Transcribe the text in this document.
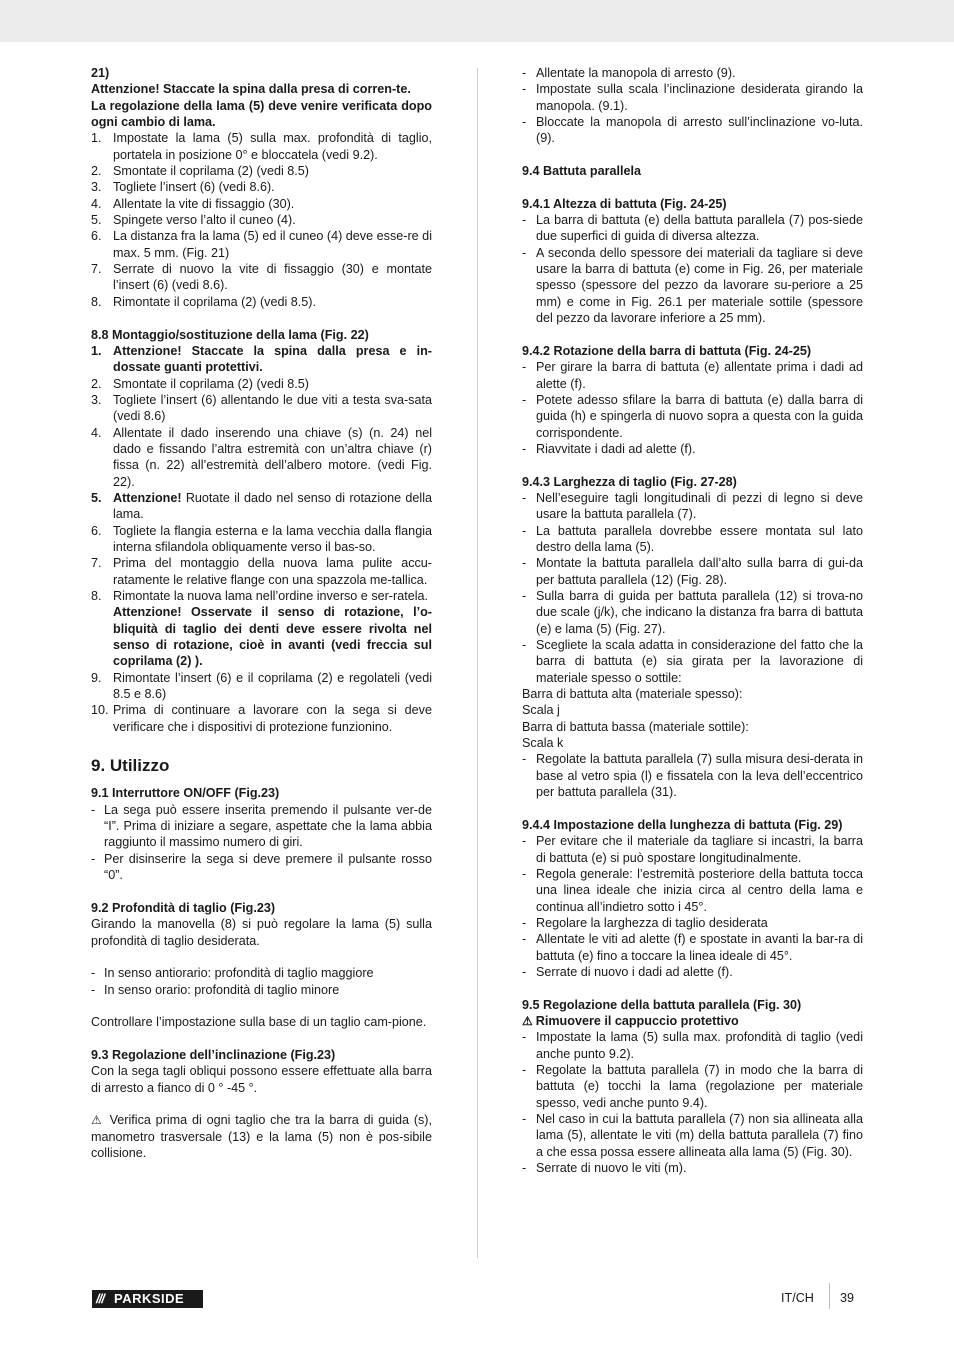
21)

Attenzione! Staccate la spina dalla presa di corren-te.

La regolazione della lama (5) deve venire verificata dopo ogni cambio di lama.

1. Impostate la lama (5) sulla max. profondità di taglio, portatela in posizione 0° e bloccatela (vedi 9.2).
2. Smontate il coprilama (2) (vedi 8.5)
3. Togliete l’insert (6) (vedi 8.6).
4. Allentate la vite di fissaggio (30).
5. Spingete verso l’alto il cuneo (4).
6. La distanza fra la lama (5) ed il cuneo (4) deve esse-re di max. 5 mm. (Fig. 21)
7. Serrate di nuovo la vite di fissaggio (30) e montate l’insert (6) (vedi 8.6).
8. Rimontate il coprilama (2) (vedi 8.5).

8.8 Montaggio/sostituzione della lama (Fig. 22)

1. Attenzione! Staccate la spina dalla presa e in-dossate guanti protettivi.
2. Smontate il coprilama (2) (vedi 8.5)
3. Togliete l’insert (6) allentando le due viti a testa sva-sata (vedi 8.6)
4. Allentate il dado inserendo una chiave (s) (n. 24) nel dado e fissando l’altra estremità con un’altra chiave (r) fissa (n. 22) all’estremità dell’albero motore. (vedi Fig. 22).
5. Attenzione! Ruotate il dado nel senso di rotazione della lama.
6. Togliete la flangia esterna e la lama vecchia dalla flangia interna sfilandola obliquamente verso il bas-so.
7. Prima del montaggio della nuova lama pulite accu-ratamente le relative flange con una spazzola me-tallica.
8. Rimontate la nuova lama nell’ordine inverso e ser-ratela.
Attenzione! Osservate il senso di rotazione, l’o-bliquità di taglio dei denti deve essere rivolta nel senso di rotazione, cioè in avanti (vedi freccia sul coprilama (2) ).
9. Rimontate l’insert (6) e il coprilama (2) e regolateli (vedi 8.5 e 8.6)
10. Prima di continuare a lavorare con la sega si deve verificare che i dispositivi di protezione funzionino.
9. Utilizzo

9.1 Interruttore ON/OFF (Fig.23)

- La sega può essere inserita premendo il pulsante ver-de “I”. Prima di iniziare a segare, aspettate che la lama abbia raggiunto il massimo numero di giri.
- Per disinserire la sega si deve premere il pulsante rosso “0”.

9.2 Profondità di taglio (Fig.23)

Girando la manovella (8) si può regolare la lama (5) sulla profondità di taglio desiderata.

- In senso antiorario: profondità di taglio maggiore
- In senso orario: profondità di taglio minore

Controllare l’impostazione sulla base di un taglio cam-pione.

9.3 Regolazione dell’inclinazione (Fig.23)

Con la sega tagli obliqui possono essere effettuate alla barra di arresto a fianco di 0 ° -45 °.

⚠ Verifica prima di ogni taglio che tra la barra di guida (s), manometro trasversale (13) e la lama (5) non è pos-sibile collisione.

- Allentate la manopola di arresto (9).
- Impostate sulla scala l’inclinazione desiderata girando la manopola. (9.1).
- Bloccate la manopola di arresto sull’inclinazione vo-luta. (9).

9.4 Battuta parallela

9.4.1 Altezza di battuta (Fig. 24-25)

- La barra di battuta (e) della battuta parallela (7) pos-siede due superfici di guida di diversa altezza.
- A seconda dello spessore dei materiali da tagliare si deve usare la barra di battuta (e) come in Fig. 26, per materiale spesso (spessore del pezzo da lavorare su-periore a 25 mm) e come in Fig. 26.1 per materiale sottile (spessore del pezzo da lavorare inferiore a 25 mm).

9.4.2 Rotazione della barra di battuta (Fig. 24-25)

- Per girare la barra di battuta (e) allentate prima i dadi ad alette (f).
- Potete adesso sfilare la barra di battuta (e) dalla barra di guida (h) e spingerla di nuovo sopra a questa con la guida corrispondente.
- Riavvitate i dadi ad alette (f).

9.4.3 Larghezza di taglio (Fig. 27-28)

- Nell’eseguire tagli longitudinali di pezzi di legno si deve usare la battuta parallela (7).
- La battuta parallela dovrebbe essere montata sul lato destro della lama (5).
- Montate la battuta parallela dall’alto sulla barra di gui-da per battuta parallela (12) (Fig. 28).
- Sulla barra di guida per battuta parallela (12) si trova-no due scale (j/k), che indicano la distanza fra barra di battuta (e) e lama (5) (Fig. 27).
- Scegliete la scala adatta in considerazione del fatto che la barra di battuta (e) sia girata per la lavorazione di materiale spesso o sottile:

Barra di battuta alta (materiale spesso):

Scala j

Barra di battuta bassa (materiale sottile):

Scala k

- Regolate la battuta parallela (7) sulla misura desi-derata in base al vetro spia (l) e fissatela con la leva dell’eccentrico per battuta parallela (31).

9.4.4 Impostazione della lunghezza di battuta (Fig. 29)

- Per evitare che il materiale da tagliare si incastri, la barra di battuta (e) si può spostare longitudinalmente.
- Regola generale: l’estremità posteriore della battuta tocca una linea ideale che inizia circa al centro della lama e continua all’indietro sotto i 45°.
- Regolare la larghezza di taglio desiderata
- Allentate le viti ad alette (f) e spostate in avanti la bar-ra di battuta (e) fino a toccare la linea ideale di 45°.
- Serrate di nuovo i dadi ad alette (f).

9.5 Regolazione della battuta parallela (Fig. 30)

⚠ Rimuovere il cappuccio protettivo

- Impostate la lama (5) sulla max. profondità di taglio (vedi anche punto 9.2).
- Regolate la battuta parallela (7) in modo che la barra di battuta (e) tocchi la lama (regolazione per materiale spesso, vedi anche punto 9.4).
- Nel caso in cui la battuta parallela (7) non sia allineata alla lama (5), allentate le viti (m) della battuta parallela (7) fino a che essa possa essere allineata alla lama (5) (Fig. 30).
- Serrate di nuovo le viti (m).
/// PARKSIDE	IT/CH 39
